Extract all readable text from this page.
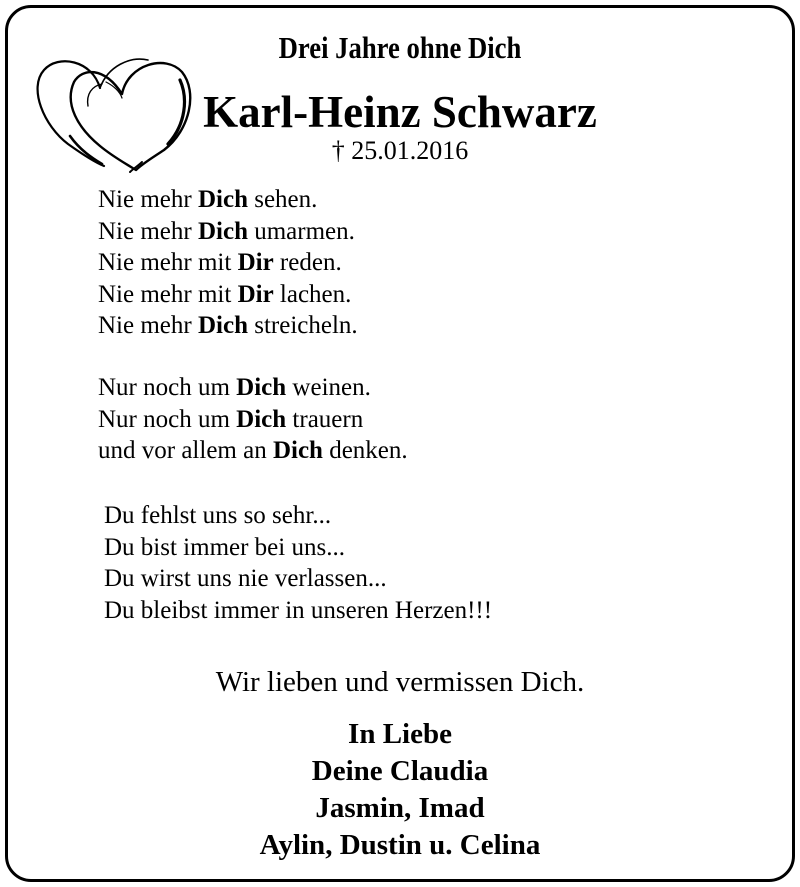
Drei Jahre ohne Dich
Karl-Heinz Schwarz
† 25.01.2016
Nie mehr Dich sehen.
Nie mehr Dich umarmen.
Nie mehr mit Dir reden.
Nie mehr mit Dir lachen.
Nie mehr Dich streicheln.
Nur noch um Dich weinen.
Nur noch um Dich trauern
und vor allem an Dich denken.
Du fehlst uns so sehr...
Du bist immer bei uns...
Du wirst uns nie verlassen...
Du bleibst immer in unseren Herzen!!!
Wir lieben und vermissen Dich.
In Liebe
Deine Claudia
Jasmin, Imad
Aylin, Dustin u. Celina
